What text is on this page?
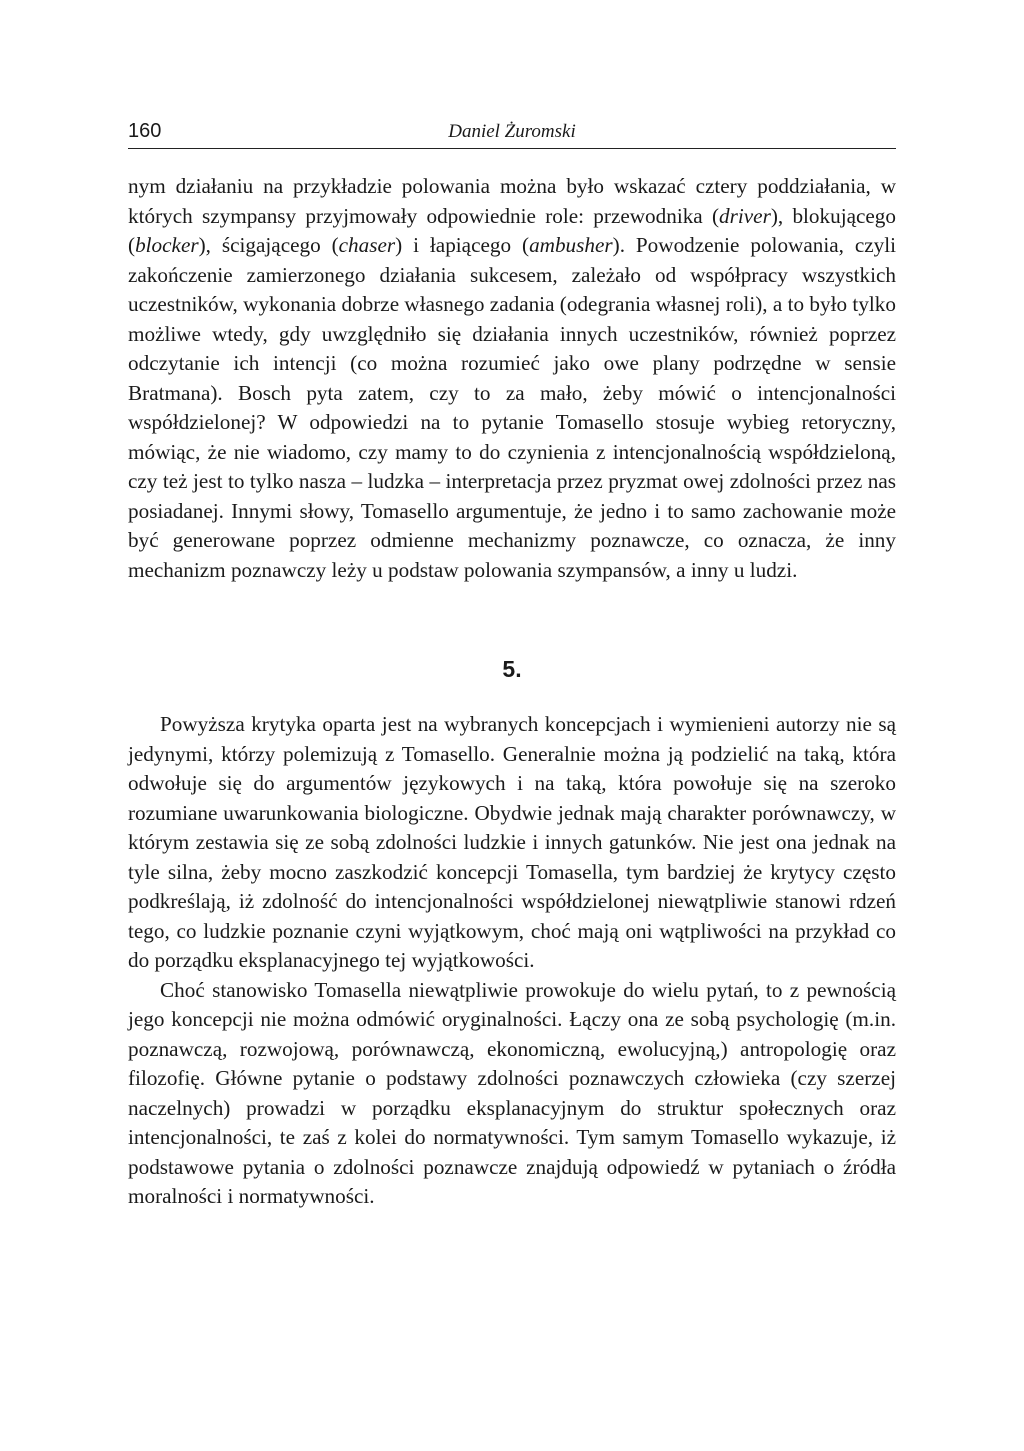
160	Daniel Żuromski

nym działaniu na przykładzie polowania można było wskazać cztery poddziałania, w których szympansy przyjmowały odpowiednie role: przewodnika (driver), blokującego (blocker), ścigającego (chaser) i łapiącego (ambusher). Powodzenie polowania, czyli zakończenie zamierzonego działania sukcesem, zależało od współpracy wszystkich uczestników, wykonania dobrze własnego zadania (odegrania własnej roli), a to było tylko możliwe wtedy, gdy uwzględniło się działania innych uczestników, również poprzez odczytanie ich intencji (co można rozumieć jako owe plany podrzędne w sensie Bratmana). Bosch pyta zatem, czy to za mało, żeby mówić o intencjonalności współdzielonej? W odpowiedzi na to pytanie Tomasello stosuje wybieg retoryczny, mówiąc, że nie wiadomo, czy mamy to do czynienia z intencjonalnością współdzieloną, czy też jest to tylko nasza – ludzka – interpretacja przez pryzmat owej zdolności przez nas posiadanej. Innymi słowy, Tomasello argumentuje, że jedno i to samo zachowanie może być generowane poprzez odmienne mechanizmy poznawcze, co oznacza, że inny mechanizm poznawczy leży u podstaw polowania szympansów, a inny u ludzi.

5.

Powyższa krytyka oparta jest na wybranych koncepcjach i wymienieni autorzy nie są jedynymi, którzy polemizują z Tomasello. Generalnie można ją podzielić na taką, która odwołuje się do argumentów językowych i na taką, która powołuje się na szeroko rozumiane uwarunkowania biologiczne. Obydwie jednak mają charakter porównawczy, w którym zestawia się ze sobą zdolności ludzkie i innych gatunków. Nie jest ona jednak na tyle silna, żeby mocno zaszkodzić koncepcji Tomasella, tym bardziej że krytycy często podkreślają, iż zdolność do intencjonalności współdzielonej niewątpliwie stanowi rdzeń tego, co ludzkie poznanie czyni wyjątkowym, choć mają oni wątpliwości na przykład co do porządku eksplanacyjnego tej wyjątkowości.

Choć stanowisko Tomasella niewątpliwie prowokuje do wielu pytań, to z pewnością jego koncepcji nie można odmówić oryginalności. Łączy ona ze sobą psychologię (m.in. poznawczą, rozwojową, porównawczą, ekonomiczną, ewolucyjną,) antropologię oraz filozofię. Główne pytanie o podstawy zdolności poznawczych człowieka (czy szerzej naczelnych) prowadzi w porządku eksplanacyjnym do struktur społecznych oraz intencjonalności, te zaś z kolei do normatywności. Tym samym Tomasello wykazuje, iż podstawowe pytania o zdolności poznawcze znajdują odpowiedź w pytaniach o źródła moralności i normatywności.
